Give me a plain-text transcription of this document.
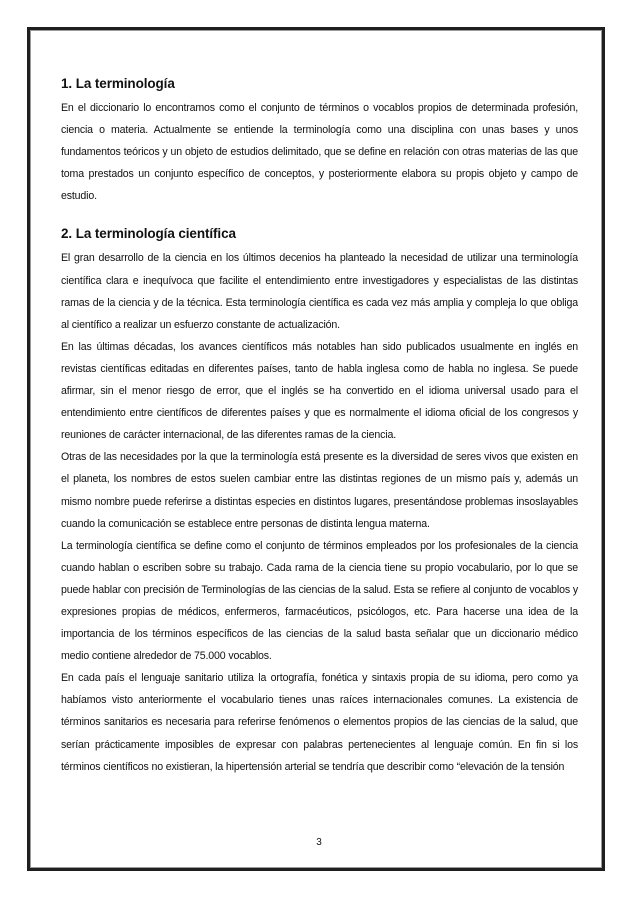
1. La terminología

En el diccionario lo encontramos como el conjunto de términos o vocablos propios de determinada profesión, ciencia o materia. Actualmente se entiende la terminología como una disciplina con unas bases y unos fundamentos teóricos y un objeto de estudios delimitado, que se define en relación con otras materias de las que toma prestados un conjunto específico de conceptos, y posteriormente elabora su propis objeto y campo de estudio.

2. La terminología científica

El gran desarrollo de la ciencia en los últimos decenios ha planteado la necesidad de utilizar una terminología científica clara e inequívoca que facilite el entendimiento entre investigadores y especialistas de las distintas ramas de la ciencia y de la técnica. Esta terminología científica es cada vez más amplia y compleja lo que obliga al científico a realizar un esfuerzo constante de actualización.

En las últimas décadas, los avances científicos más notables han sido publicados usualmente en inglés en revistas científicas editadas en diferentes países, tanto de habla inglesa como de habla no inglesa. Se puede afirmar, sin el menor riesgo de error, que el inglés se ha convertido en el idioma universal usado para el entendimiento entre científicos de diferentes países y que es normalmente el idioma oficial de los congresos y reuniones de carácter internacional, de las diferentes ramas de la ciencia.

Otras de las necesidades por la que la terminología está presente es la diversidad de seres vivos que existen en el planeta, los nombres de estos suelen cambiar entre las distintas regiones de un mismo país y, además un mismo nombre puede referirse a distintas especies en distintos lugares, presentándose problemas insoslayables cuando la comunicación se establece entre personas de distinta lengua materna.

La terminología científica se define como el conjunto de términos empleados por los profesionales de la ciencia cuando hablan o escriben sobre su trabajo. Cada rama de la ciencia tiene su propio vocabulario, por lo que se puede hablar con precisión de Terminologías de las ciencias de la salud. Esta se refiere al conjunto de vocablos y expresiones propias de médicos, enfermeros, farmacéuticos, psicólogos, etc. Para hacerse una idea de la importancia de los términos específicos de las ciencias de la salud basta señalar que un diccionario médico medio contiene alrededor de 75.000 vocablos.

En cada país el lenguaje sanitario utiliza la ortografía, fonética y sintaxis propia de su idioma, pero como ya habíamos visto anteriormente el vocabulario tienes unas raíces internacionales comunes. La existencia de términos sanitarios es necesaria para referirse fenómenos o elementos propios de las ciencias de la salud, que serían prácticamente imposibles de expresar con palabras pertenecientes al lenguaje común. En fin si los términos científicos no existieran, la hipertensión arterial se tendría que describir como “elevación de la tensión

3
